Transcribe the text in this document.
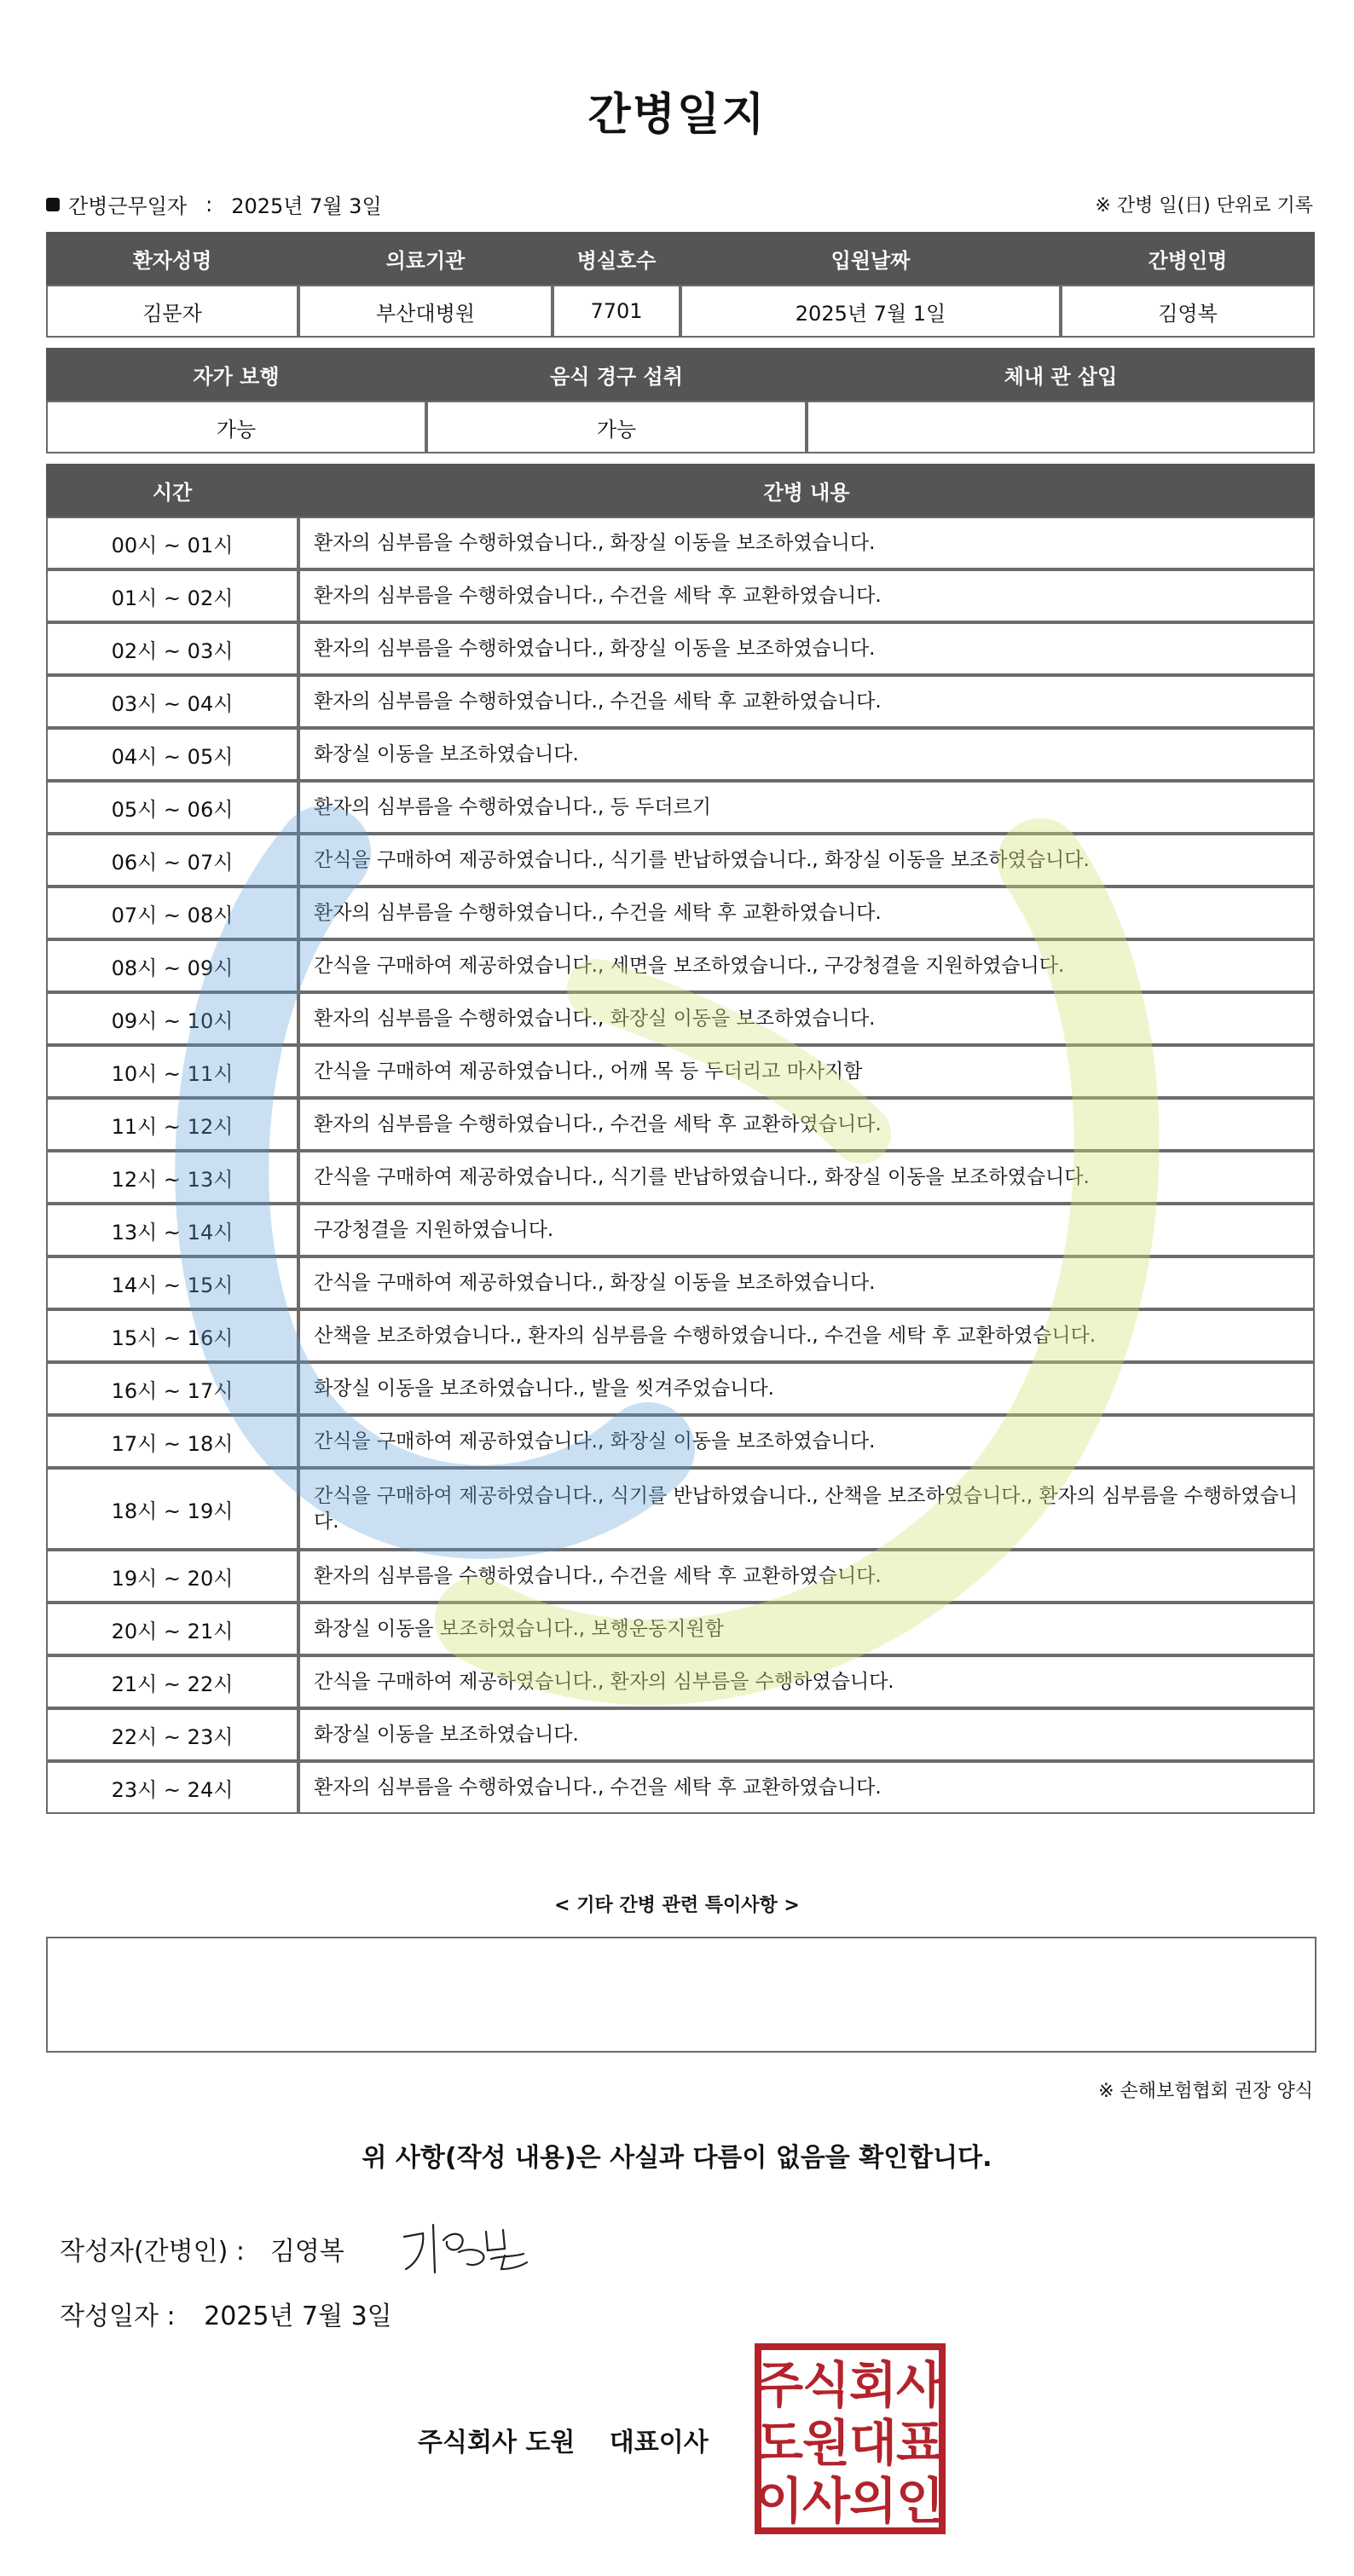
간병일지
간병근무일자 : 2025년 7월 3일	※ 간병 일(日) 단위로 기록
환자성명	의료기관	병실호수	입원날짜	간병인명
김문자	부산대병원	7701	2025년 7월 1일	김영복
자가 보행	음식 경구 섭취	체내 관 삽입
가능	가능	
시간	간병 내용
00시 ~ 01시	환자의 심부름을 수행하였습니다., 화장실 이동을 보조하였습니다.
01시 ~ 02시	환자의 심부름을 수행하였습니다., 수건을 세탁 후 교환하였습니다.
02시 ~ 03시	환자의 심부름을 수행하였습니다., 화장실 이동을 보조하였습니다.
03시 ~ 04시	환자의 심부름을 수행하였습니다., 수건을 세탁 후 교환하였습니다.
04시 ~ 05시	화장실 이동을 보조하였습니다.
05시 ~ 06시	환자의 심부름을 수행하였습니다., 등 두더르기
06시 ~ 07시	간식을 구매하여 제공하였습니다., 식기를 반납하였습니다., 화장실 이동을 보조하였습니다.
07시 ~ 08시	환자의 심부름을 수행하였습니다., 수건을 세탁 후 교환하였습니다.
08시 ~ 09시	간식을 구매하여 제공하였습니다., 세면을 보조하였습니다., 구강청결을 지원하였습니다.
09시 ~ 10시	환자의 심부름을 수행하였습니다., 화장실 이동을 보조하였습니다.
10시 ~ 11시	간식을 구매하여 제공하였습니다., 어깨 목 등 두더리고 마사지함
11시 ~ 12시	환자의 심부름을 수행하였습니다., 수건을 세탁 후 교환하였습니다.
12시 ~ 13시	간식을 구매하여 제공하였습니다., 식기를 반납하였습니다., 화장실 이동을 보조하였습니다.
13시 ~ 14시	구강청결을 지원하였습니다.
14시 ~ 15시	간식을 구매하여 제공하였습니다., 화장실 이동을 보조하였습니다.
15시 ~ 16시	산책을 보조하였습니다., 환자의 심부름을 수행하였습니다., 수건을 세탁 후 교환하였습니다.
16시 ~ 17시	화장실 이동을 보조하였습니다., 발을 씻겨주었습니다.
17시 ~ 18시	간식을 구매하여 제공하였습니다., 화장실 이동을 보조하였습니다.
18시 ~ 19시	간식을 구매하여 제공하였습니다., 식기를 반납하였습니다., 산책을 보조하였습니다., 환자의 심부름을 수행하였습니다.
19시 ~ 20시	환자의 심부름을 수행하였습니다., 수건을 세탁 후 교환하였습니다.
20시 ~ 21시	화장실 이동을 보조하였습니다., 보행운동지원함
21시 ~ 22시	간식을 구매하여 제공하였습니다., 환자의 심부름을 수행하였습니다.
22시 ~ 23시	화장실 이동을 보조하였습니다.
23시 ~ 24시	환자의 심부름을 수행하였습니다., 수건을 세탁 후 교환하였습니다.
< 기타 간병 관련 특이사항 >
※ 손해보험협회 권장 양식
위 사항(작성 내용)은 사실과 다름이 없음을 확인합니다.
작성자(간병인) : 김영복
작성일자 : 2025년 7월 3일
주식회사 도원 대표이사
주
식
회
사
도
원
대
표
이
사
의
인
